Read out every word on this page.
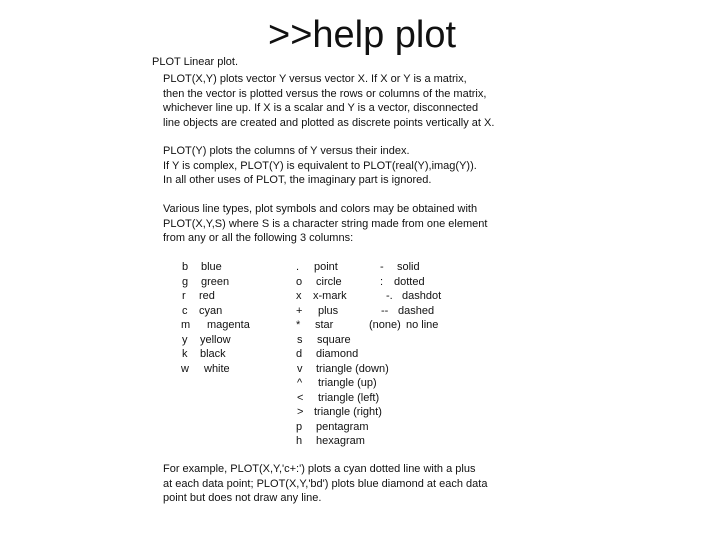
>>help plot
PLOT Linear plot.
PLOT(X,Y) plots vector Y versus vector X. If X or Y is a matrix,
then the vector is plotted versus the rows or columns of the matrix,
whichever line up. If X is a scalar and Y is a vector, disconnected
line objects are created and plotted as discrete points vertically at X.
PLOT(Y) plots the columns of Y versus their index.
If Y is complex, PLOT(Y) is equivalent to PLOT(real(Y),imag(Y)).
In all other uses of PLOT, the imaginary part is ignored.
Various line types, plot symbols and colors may be obtained with
PLOT(X,Y,S) where S is a character string made from one element
from any or all the following 3 columns:
b blue
g green
r red
c cyan
m magenta
y yellow
k black
w white
. point
o circle
x x-mark
+ plus
* star
s square
d diamond
v triangle (down)
^ triangle (up)
< triangle (left)
> triangle (right)
p pentagram
h hexagram
- solid
: dotted
-. dashdot
-- dashed
(none) no line
For example, PLOT(X,Y,'c+:') plots a cyan dotted line with a plus
at each data point; PLOT(X,Y,'bd') plots blue diamond at each data
point but does not draw any line.
